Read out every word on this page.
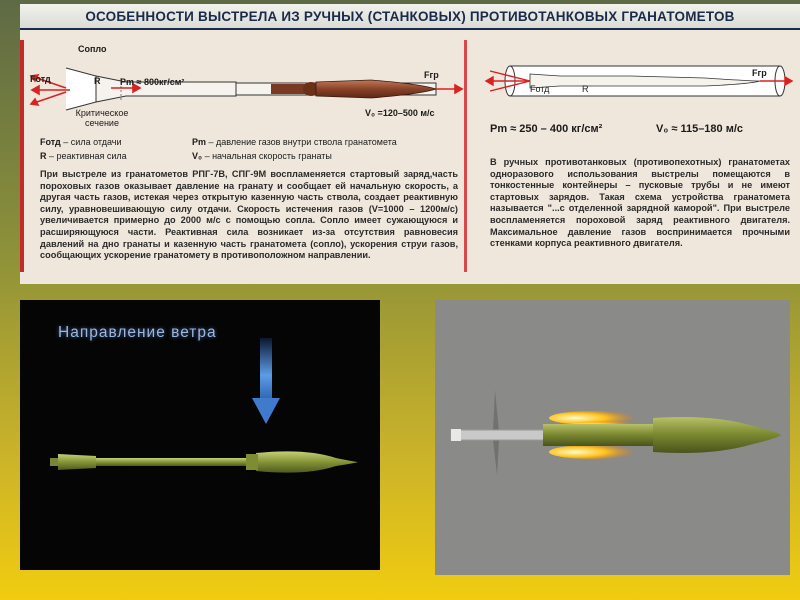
ОСОБЕННОСТИ ВЫСТРЕЛА ИЗ РУЧНЫХ (СТАНКОВЫХ) ПРОТИВОТАНКОВЫХ ГРАНАТОМЕТОВ
Сопло
Fотд	R Pm ≈ 800кг/см²
Критическое сечение
Fгр
V₀ =120–500 м/с
Fотд – сила отдачи
R – реактивная сила
Pm – давление газов внутри ствола гранатомета
V₀ – начальная скорость гранаты
Fгр
Fотд	R
Pm ≈ 250 – 400 кг/см²	V₀ ≈ 115–180 м/с
При выстреле из гранатометов РПГ-7В, СПГ-9М воспламеняется стартовый заряд,часть пороховых газов оказывает давление на гранату и сообщает ей начальную скорость, а другая часть газов, истекая через открытую казенную часть ствола, создает реактивную силу, уравновешивающую силу отдачи. Скорость истечения газов (V=1000 – 1200м/с) увеличивается примерно до 2000 м/с с помощью сопла. Сопло имеет сужающуюся и расширяющуюся части. Реактивная сила возникает из-за отсутствия равновесия давлений на дно гранаты и казенную часть гранатомета (сопло), ускорения струи газов, сообщающих ускорение гранатомету в противоположном направлении.
В ручных противотанковых (противопехотных) гранатометах одноразового использования выстрелы помещаются в тонкостенные контейнеры – пусковые трубы и не имеют стартовых зарядов. Такая схема устройства гранатомета называется "...с отделенной зарядной каморой". При выстреле воспламеняется пороховой заряд реактивного двигателя. Максимальное давление газов воспринимается прочными стенками корпуса реактивного двигателя.
Направление ветра
